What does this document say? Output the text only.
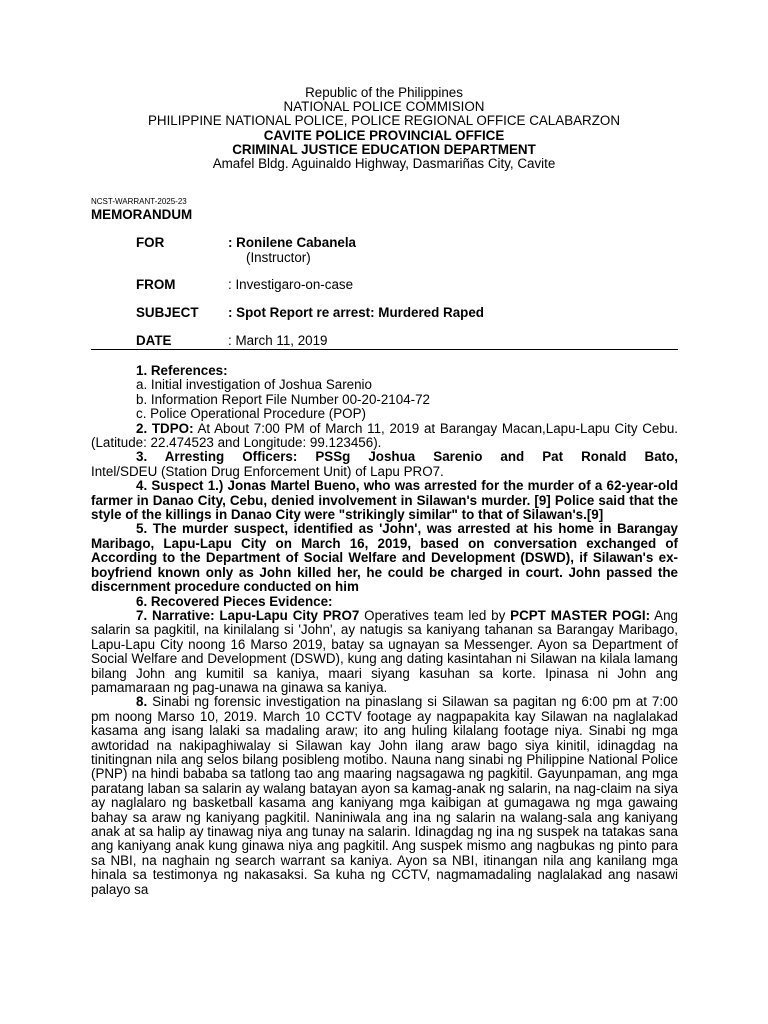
Republic of the Philippines
NATIONAL POLICE COMMISION
PHILIPPINE NATIONAL POLICE, POLICE REGIONAL OFFICE CALABARZON
CAVITE POLICE PROVINCIAL OFFICE
CRIMINAL JUSTICE EDUCATION DEPARTMENT
Amafel Bldg. Aguinaldo Highway, Dasmariñas City, Cavite
NCST-WARRANT-2025-23
MEMORANDUM
FOR	: Ronilene Cabanela
(Instructor)
FROM	: Investigaro-on-case
SUBJECT : Spot Report re arrest: Murdered Raped
DATE	: March 11, 2019

1. References:

a. Initial investigation of Joshua Sarenio

b. Information Report File Number 00-20-2104-72

c. Police Operational Procedure (POP)

2. TDPO: At About 7:00 PM of March 11, 2019 at Barangay Macan,Lapu-Lapu City Cebu. (Latitude: 22.474523 and Longitude: 99.123456).

3. Arresting Officers: PSSg Joshua Sarenio and Pat Ronald Bato,

Intel/SDEU (Station Drug Enforcement Unit) of Lapu PRO7.

4. Suspect 1.) Jonas Martel Bueno, who was arrested for the murder of a 62-year-old farmer in Danao City, Cebu, denied involvement in Silawan's murder. [9] Police said that the style of the killings in Danao City were "strikingly similar" to that of Silawan's.[9]

5. The murder suspect, identified as 'John', was arrested at his home in Barangay Maribago, Lapu-Lapu City on March 16, 2019, based on conversation exchanged of According to the Department of Social Welfare and Development (DSWD), if Silawan's ex-boyfriend known only as John killed her, he could be charged in court. John passed the discernment procedure conducted on him

6. Recovered Pieces Evidence:

7. Narrative: Lapu-Lapu City PRO7 Operatives team led by PCPT MASTER POGI: Ang salarin sa pagkitil, na kinilalang si 'John', ay natugis sa kaniyang tahanan sa Barangay Maribago, Lapu-Lapu City noong 16 Marso 2019, batay sa ugnayan sa Messenger. Ayon sa Department of Social Welfare and Development (DSWD), kung ang dating kasintahan ni Silawan na kilala lamang bilang John ang kumitil sa kaniya, maari siyang kasuhan sa korte. Ipinasa ni John ang pamamaraan ng pag-unawa na ginawa sa kaniya.

8. Sinabi ng forensic investigation na pinaslang si Silawan sa pagitan ng 6:00 pm at 7:00 pm noong Marso 10, 2019. March 10 CCTV footage ay nagpapakita kay Silawan na naglalakad kasama ang isang lalaki sa madaling araw; ito ang huling kilalang footage niya. Sinabi ng mga awtoridad na nakipaghiwalay si Silawan kay John ilang araw bago siya kinitil, idinagdag na tinitingnan nila ang selos bilang posibleng motibo. Nauna nang sinabi ng Philippine National Police (PNP) na hindi bababa sa tatlong tao ang maaring nagsagawa ng pagkitil. Gayunpaman, ang mga paratang laban sa salarin ay walang batayan ayon sa kamag-anak ng salarin, na nag-claim na siya ay naglalaro ng basketball kasama ang kaniyang mga kaibigan at gumagawa ng mga gawaing bahay sa araw ng kaniyang pagkitil. Naniniwala ang ina ng salarin na walang-sala ang kaniyang anak at sa halip ay tinawag niya ang tunay na salarin. Idinagdag ng ina ng suspek na tatakas sana ang kaniyang anak kung ginawa niya ang pagkitil. Ang suspek mismo ang nagbukas ng pinto para sa NBI, na naghain ng search warrant sa kaniya. Ayon sa NBI, itinangan nila ang kanilang mga hinala sa testimonya ng nakasaksi. Sa kuha ng CCTV, nagmamadaling naglalakad ang nasawi palayo sa
